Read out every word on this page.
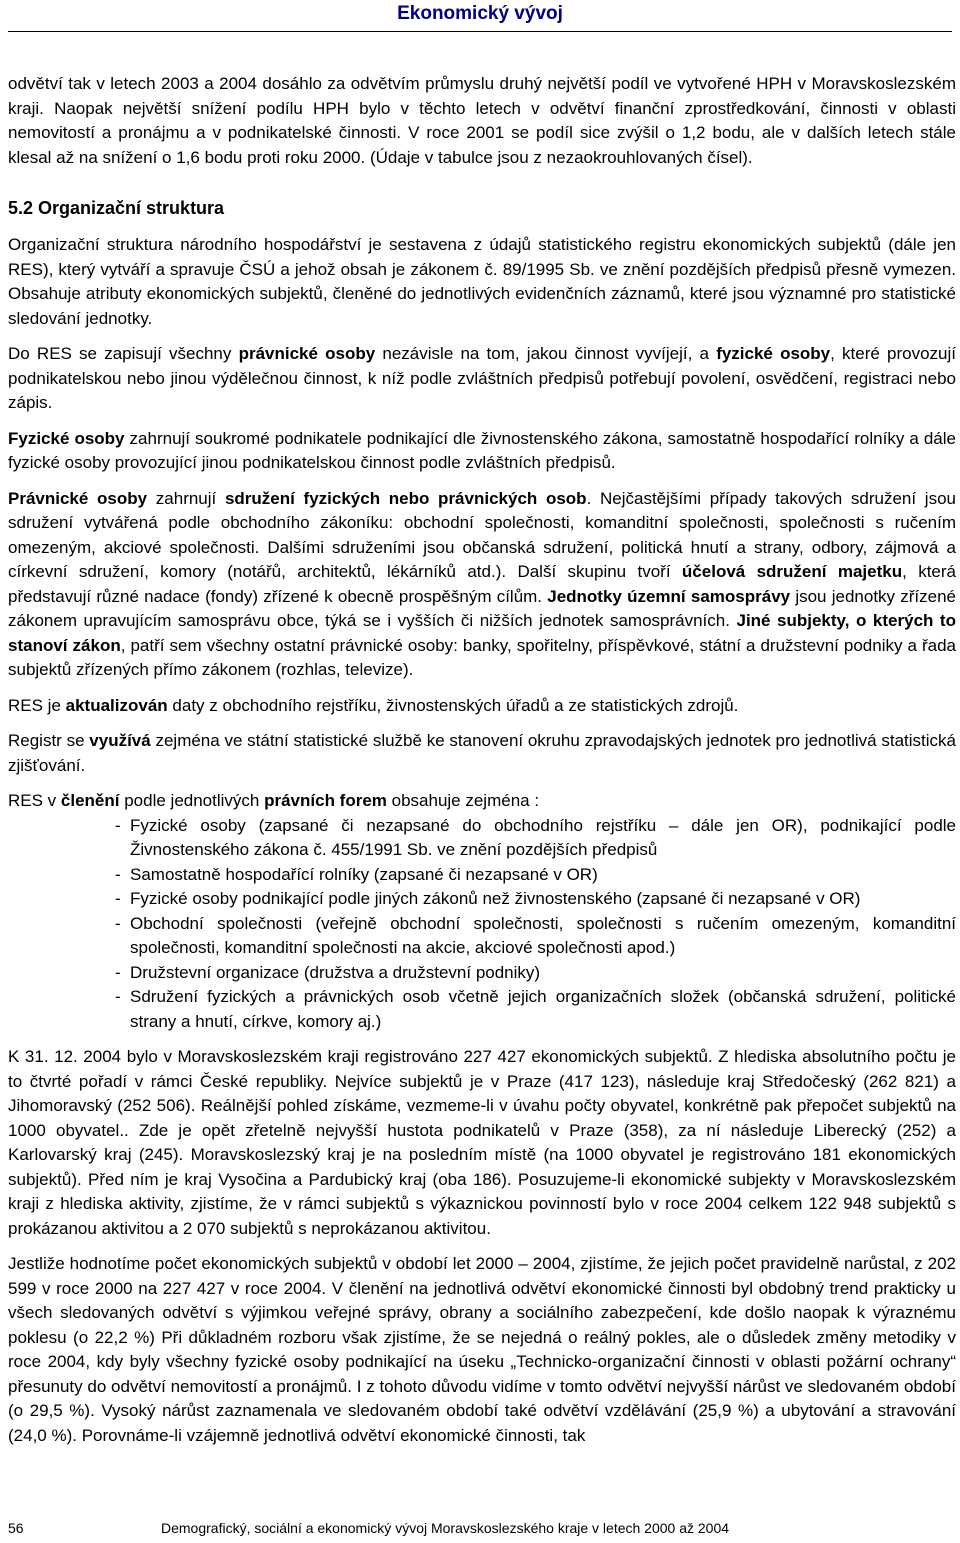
Ekonomický vývoj

odvětví tak v letech 2003 a 2004 dosáhlo za odvětvím průmyslu druhý největší podíl ve vytvořené HPH v Moravskoslezském kraji. Naopak největší snížení podílu HPH bylo v těchto letech v odvětví finanční zprostředkování, činnosti v oblasti nemovitostí a pronájmu a v podnikatelské činnosti. V roce 2001 se podíl sice zvýšil o 1,2 bodu, ale v dalších letech stále klesal až na snížení o 1,6 bodu proti roku 2000. (Údaje v tabulce jsou z nezaokrouhlovaných čísel).

5.2 Organizační struktura

Organizační struktura národního hospodářství je sestavena z údajů statistického registru ekonomických subjektů (dále jen RES), který vytváří a spravuje ČSÚ a jehož obsah je zákonem č. 89/1995 Sb. ve znění pozdějších předpisů přesně vymezen. Obsahuje atributy ekonomických subjektů, členěné do jednotlivých evidenčních záznamů, které jsou významné pro statistické sledování jednotky.

Do RES se zapisují všechny právnické osoby nezávisle na tom, jakou činnost vyvíjejí, a fyzické osoby, které provozují podnikatelskou nebo jinou výdělečnou činnost, k níž podle zvláštních předpisů potřebují povolení, osvědčení, registraci nebo zápis.

Fyzické osoby zahrnují soukromé podnikatele podnikající dle živnostenského zákona, samostatně hospodařící rolníky a dále fyzické osoby provozující jinou podnikatelskou činnost podle zvláštních předpisů.

Právnické osoby zahrnují sdružení fyzických nebo právnických osob. Nejčastějšími případy takových sdružení jsou sdružení vytvářená podle obchodního zákoníku: obchodní společnosti, komanditní společnosti, společnosti s ručením omezeným, akciové společnosti. Dalšími sdruženími jsou občanská sdružení, politická hnutí a strany, odbory, zájmová a církevní sdružení, komory (notářů, architektů, lékárníků atd.). Další skupinu tvoří účelová sdružení majetku, která představují různé nadace (fondy) zřízené k obecně prospěšným cílům. Jednotky územní samosprávy jsou jednotky zřízené zákonem upravujícím samosprávu obce, týká se i vyšších či nižších jednotek samosprávních. Jiné subjekty, o kterých to stanoví zákon, patří sem všechny ostatní právnické osoby: banky, spořitelny, příspěvkové, státní a družstevní podniky a řada subjektů zřízených přímo zákonem (rozhlas, televize).

RES je aktualizován daty z obchodního rejstříku, živnostenských úřadů a ze statistických zdrojů.

Registr se využívá zejména ve státní statistické službě ke stanovení okruhu zpravodajských jednotek pro jednotlivá statistická zjišťování.

RES v členění podle jednotlivých právních forem obsahuje zejména :

- Fyzické osoby (zapsané či nezapsané do obchodního rejstříku – dále jen OR), podnikající podle Živnostenského zákona č. 455/1991 Sb. ve znění pozdějších předpisů
- Samostatně hospodařící rolníky (zapsané či nezapsané v OR)
- Fyzické osoby podnikající podle jiných zákonů než živnostenského (zapsané či nezapsané v OR)
- Obchodní společnosti (veřejně obchodní společnosti, společnosti s ručením omezeným, komanditní společnosti, komanditní společnosti na akcie, akciové společnosti apod.)
- Družstevní organizace (družstva a družstevní podniky)
- Sdružení fyzických a právnických osob včetně jejich organizačních složek (občanská sdružení, politické strany a hnutí, církve, komory aj.)

K 31. 12. 2004 bylo v Moravskoslezském kraji registrováno 227 427 ekonomických subjektů. Z hlediska absolutního počtu je to čtvrté pořadí v rámci České republiky. Nejvíce subjektů je v Praze (417 123), následuje kraj Středočeský (262 821) a Jihomoravský (252 506). Reálnější pohled získáme, vezmeme-li v úvahu počty obyvatel, konkrétně pak přepočet subjektů na 1000 obyvatel.. Zde je opět zřetelně nejvyšší hustota podnikatelů v Praze (358), za ní následuje Liberecký (252) a Karlovarský kraj (245). Moravskoslezský kraj je na posledním místě (na 1000 obyvatel je registrováno 181 ekonomických subjektů). Před ním je kraj Vysočina a Pardubický kraj (oba 186). Posuzujeme-li ekonomické subjekty v Moravskoslezském kraji z hlediska aktivity, zjistíme, že v rámci subjektů s výkaznickou povinností bylo v roce 2004 celkem 122 948 subjektů s prokázanou aktivitou a 2 070 subjektů s neprokázanou aktivitou.

Jestliže hodnotíme počet ekonomických subjektů v období let 2000 – 2004, zjistíme, že jejich počet pravidelně narůstal, z 202 599 v roce 2000 na 227 427 v roce 2004. V členění na jednotlivá odvětví ekonomické činnosti byl obdobný trend prakticky u všech sledovaných odvětví s výjimkou veřejné správy, obrany a sociálního zabezpečení, kde došlo naopak k výraznému poklesu (o 22,2 %) Při důkladném rozboru však zjistíme, že se nejedná o reálný pokles, ale o důsledek změny metodiky v roce 2004, kdy byly všechny fyzické osoby podnikající na úseku „Technicko-organizační činnosti v oblasti požární ochrany“ přesunuty do odvětví nemovitostí a pronájmů. I z tohoto důvodu vidíme v tomto odvětví nejvyšší nárůst ve sledovaném období (o 29,5 %). Vysoký nárůst zaznamenala ve sledovaném období také odvětví vzdělávání (25,9 %) a ubytování a stravování (24,0 %). Porovnáme-li vzájemně jednotlivá odvětví ekonomické činnosti, tak

56	Demografický, sociální a ekonomický vývoj Moravskoslezského kraje v letech 2000 až 2004
